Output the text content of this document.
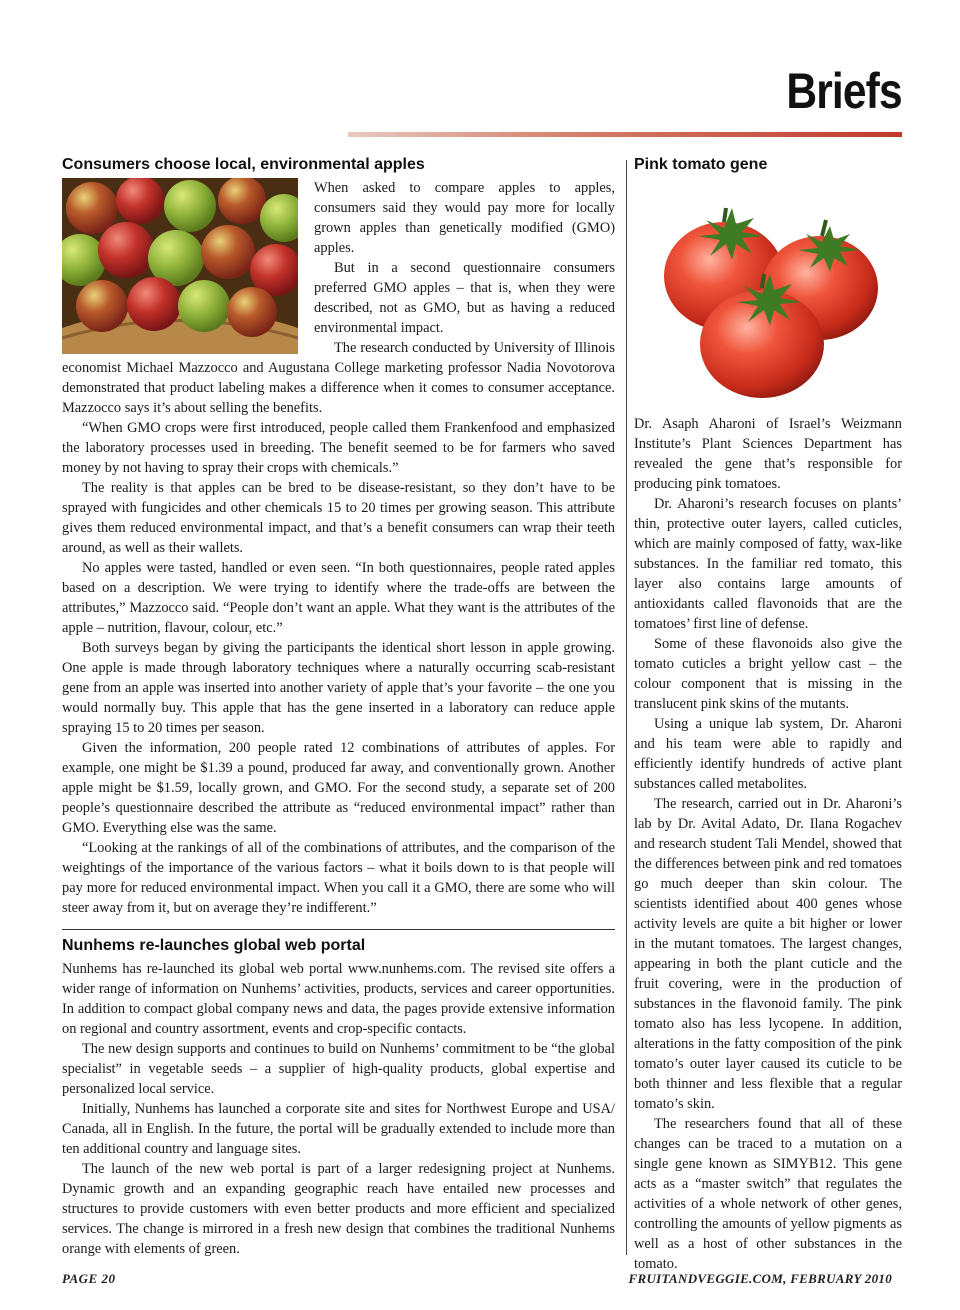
Briefs
Consumers choose local, environmental apples

When asked to compare apples to apples, consumers said they would pay more for locally grown apples than genetically modified (GMO) apples.

But in a second questionnaire consumers preferred GMO apples – that is, when they were described, not as GMO, but as having a reduced environmental impact.

The research conducted by University of Illinois economist Michael Mazzocco and Augustana College marketing professor Nadia Novotorova demonstrated that product labeling makes a difference when it comes to consumer acceptance. Mazzocco says it’s about selling the benefits.

“When GMO crops were first introduced, people called them Frankenfood and emphasized the laboratory processes used in breeding. The benefit seemed to be for farmers who saved money by not having to spray their crops with chemicals.”

The reality is that apples can be bred to be disease-resistant, so they don’t have to be sprayed with fungicides and other chemicals 15 to 20 times per growing season. This attribute gives them reduced environmental impact, and that’s a benefit consumers can wrap their teeth around, as well as their wallets.

No apples were tasted, handled or even seen. “In both questionnaires, people rated apples based on a description. We were trying to identify where the trade-offs are between the attributes,” Mazzocco said. “People don’t want an apple. What they want is the attributes of the apple – nutrition, flavour, colour, etc.”

Both surveys began by giving the participants the identical short lesson in apple growing. One apple is made through laboratory techniques where a naturally occurring scab-resistant gene from an apple was inserted into another variety of apple that’s your favorite – the one you would normally buy. This apple that has the gene inserted in a laboratory can reduce apple spraying 15 to 20 times per season.

Given the information, 200 people rated 12 combinations of attributes of apples. For example, one might be $1.39 a pound, produced far away, and conventionally grown. Another apple might be $1.59, locally grown, and GMO. For the second study, a separate set of 200 people’s questionnaire described the attribute as “reduced environmental impact” rather than GMO. Everything else was the same.

“Looking at the rankings of all of the combinations of attributes, and the comparison of the weightings of the importance of the various factors – what it boils down to is that people will pay more for reduced environmental impact. When you call it a GMO, there are some who will steer away from it, but on average they’re indifferent.”

Nunhems re-launches global web portal

Nunhems has re-launched its global web portal www.nunhems.com. The revised site offers a wider range of information on Nunhems’ activities, products, services and career opportunities. In addition to compact global company news and data, the pages provide extensive information on regional and country assortment, events and crop-specific contacts.

The new design supports and continues to build on Nunhems’ commitment to be “the global specialist” in vegetable seeds – a supplier of high-quality products, global expertise and personalized local service.

Initially, Nunhems has launched a corporate site and sites for Northwest Europe and USA/ Canada, all in English. In the future, the portal will be gradually extended to include more than ten additional country and language sites.

The launch of the new web portal is part of a larger redesigning project at Nunhems. Dynamic growth and an expanding geographic reach have entailed new processes and structures to provide customers with even better products and more efficient and specialized services. The change is mirrored in a fresh new design that combines the traditional Nunhems orange with elements of green.

Pink tomato gene

Dr. Asaph Aharoni of Israel’s Weizmann Institute’s Plant Sciences Department has revealed the gene that’s responsible for producing pink tomatoes.

Dr. Aharoni’s research focuses on plants’ thin, protective outer layers, called cuticles, which are mainly composed of fatty, wax-like substances. In the familiar red tomato, this layer also contains large amounts of antioxidants called flavonoids that are the tomatoes’ first line of defense.

Some of these flavonoids also give the tomato cuticles a bright yellow cast – the colour component that is missing in the translucent pink skins of the mutants.

Using a unique lab system, Dr. Aharoni and his team were able to rapidly and efficiently identify hundreds of active plant substances called metabolites.

The research, carried out in Dr. Aharoni’s lab by Dr. Avital Adato, Dr. Ilana Rogachev and research student Tali Mendel, showed that the differences between pink and red tomatoes go much deeper than skin colour. The scientists identified about 400 genes whose activity levels are quite a bit higher or lower in the mutant tomatoes. The largest changes, appearing in both the plant cuticle and the fruit covering, were in the production of substances in the flavonoid family. The pink tomato also has less lycopene. In addition, alterations in the fatty composition of the pink tomato’s outer layer caused its cuticle to be both thinner and less flexible that a regular tomato’s skin.

The researchers found that all of these changes can be traced to a mutation on a single gene known as SIMYB12. This gene acts as a “master switch” that regulates the activities of a whole network of other genes, controlling the amounts of yellow pigments as well as a host of other substances in the tomato.

PAGE 20	FRUITANDVEGGIE.COM, FEBRUARY 2010
